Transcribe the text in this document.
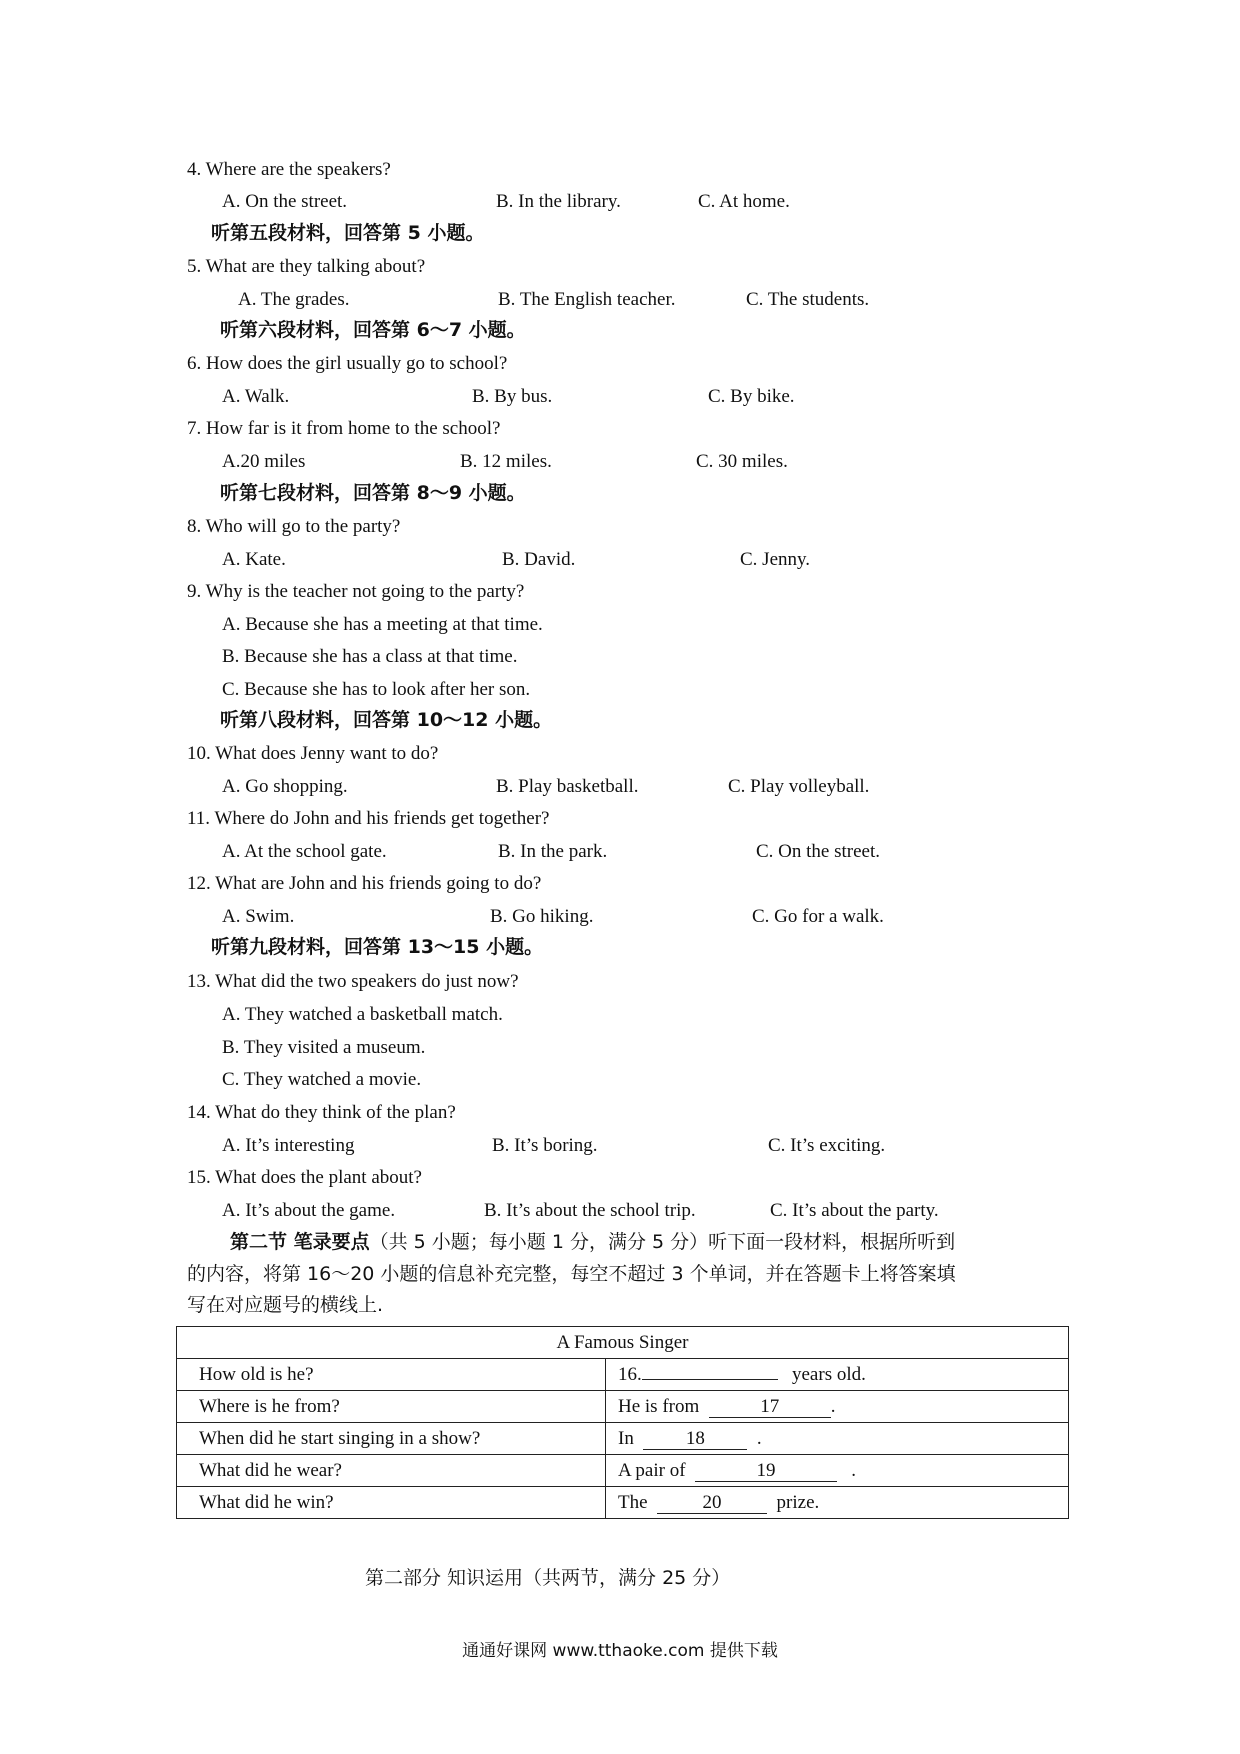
4. Where are the speakers?
A. On the street.	B. In the library.	C. At home.
听第五段材料，回答第 5 小题。
5. What are they talking about?
A. The grades.	B. The English teacher.	C. The students.
听第六段材料，回答第 6～7 小题。
6. How does the girl usually go to school?
A. Walk.	B. By bus.	C. By bike.
7. How far is it from home to the school?
A.20 miles	B. 12 miles.	C. 30 miles.
听第七段材料，回答第 8～9 小题。
8. Who will go to the party?
A. Kate.	B. David.	C. Jenny.
9. Why is the teacher not going to the party?
A. Because she has a meeting at that time.
B. Because she has a class at that time.
C. Because she has to look after her son.
听第八段材料，回答第 10～12 小题。
10. What does Jenny want to do?
A. Go shopping.	B. Play basketball.	C. Play volleyball.
11. Where do John and his friends get together?
A. At the school gate.	B. In the park.	C. On the street.
12. What are John and his friends going to do?
A. Swim.	B. Go hiking.	C. Go for a walk.
听第九段材料，回答第 13～15 小题。
13. What did the two speakers do just now?
A. They watched a basketball match.
B. They visited a museum.
C. They watched a movie.
14. What do they think of the plan?
A. It’s interesting	B. It’s boring.	C. It’s exciting.
15. What does the plant about?
A. It’s about the game.	B. It’s about the school trip.	C. It’s about the party.
第二节 笔录要点（共 5 小题；每小题 1 分，满分 5 分）听下面一段材料，根据所听到
的内容，将第 16～20 小题的信息补充完整，每空不超过 3 个单词，并在答题卡上将答案填
写在对应题号的横线上.
A Famous Singer	
How old is he?	16. years old.
Where is he from?	He is from 17 .
When did he start singing in a show?	In 18 .
What did he wear?	A pair of 19 .
What did he win?	The 20 prize.
第二部分 知识运用（共两节，满分 25 分）
通通好课网 www.tthaoke.com 提供下载
